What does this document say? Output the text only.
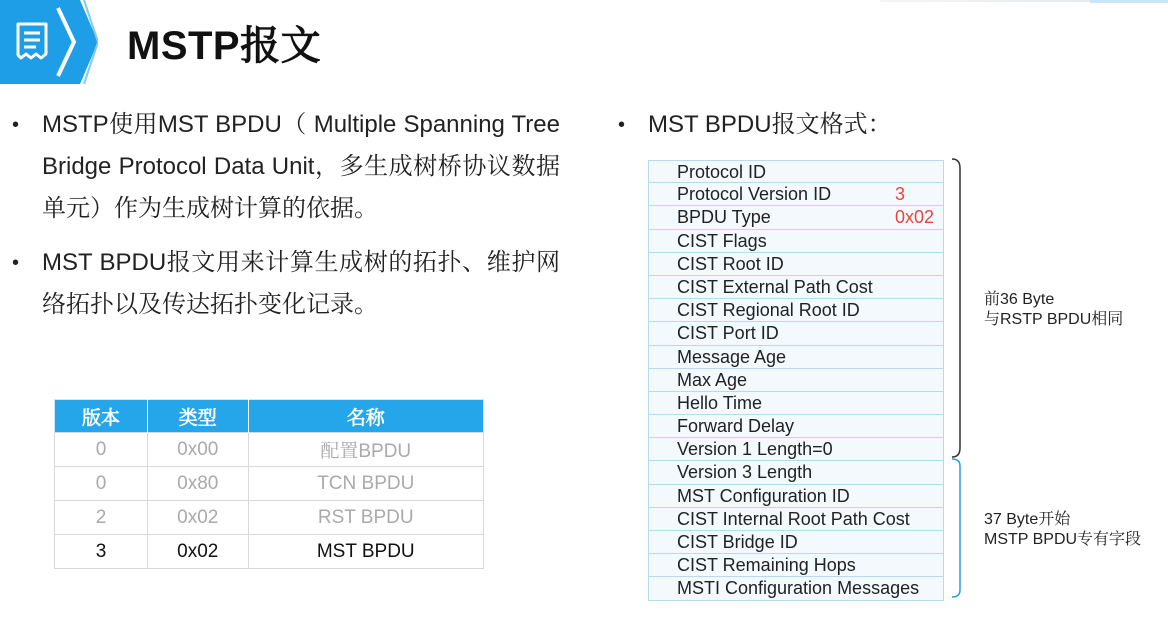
MSTP报文
• MSTP使用MST BPDU（ Multiple Spanning Tree Bridge Protocol Data Unit，多生成树桥协议数据单元）作为生成树计算的依据。
• MST BPDU报文用来计算生成树的拓扑、维护网络拓扑以及传达拓扑变化记录。
• MST BPDU报文格式：
版本	类型	名称
0	0x00	配置BPDU
0	0x80	TCN BPDU
2	0x02	RST BPDU
3	0x02	MST BPDU
Protocol ID
Protocol Version ID	3
BPDU Type	0x02
CIST Flags
CIST Root ID
CIST External Path Cost
CIST Regional Root ID
CIST Port ID
Message Age
Max Age
Hello Time
Forward Delay
Version 1 Length=0
Version 3 Length
MST Configuration ID
CIST Internal Root Path Cost
CIST Bridge ID
CIST Remaining Hops
MSTI Configuration Messages
前36 Byte
与RSTP BPDU相同
37 Byte开始
MSTP BPDU专有字段
